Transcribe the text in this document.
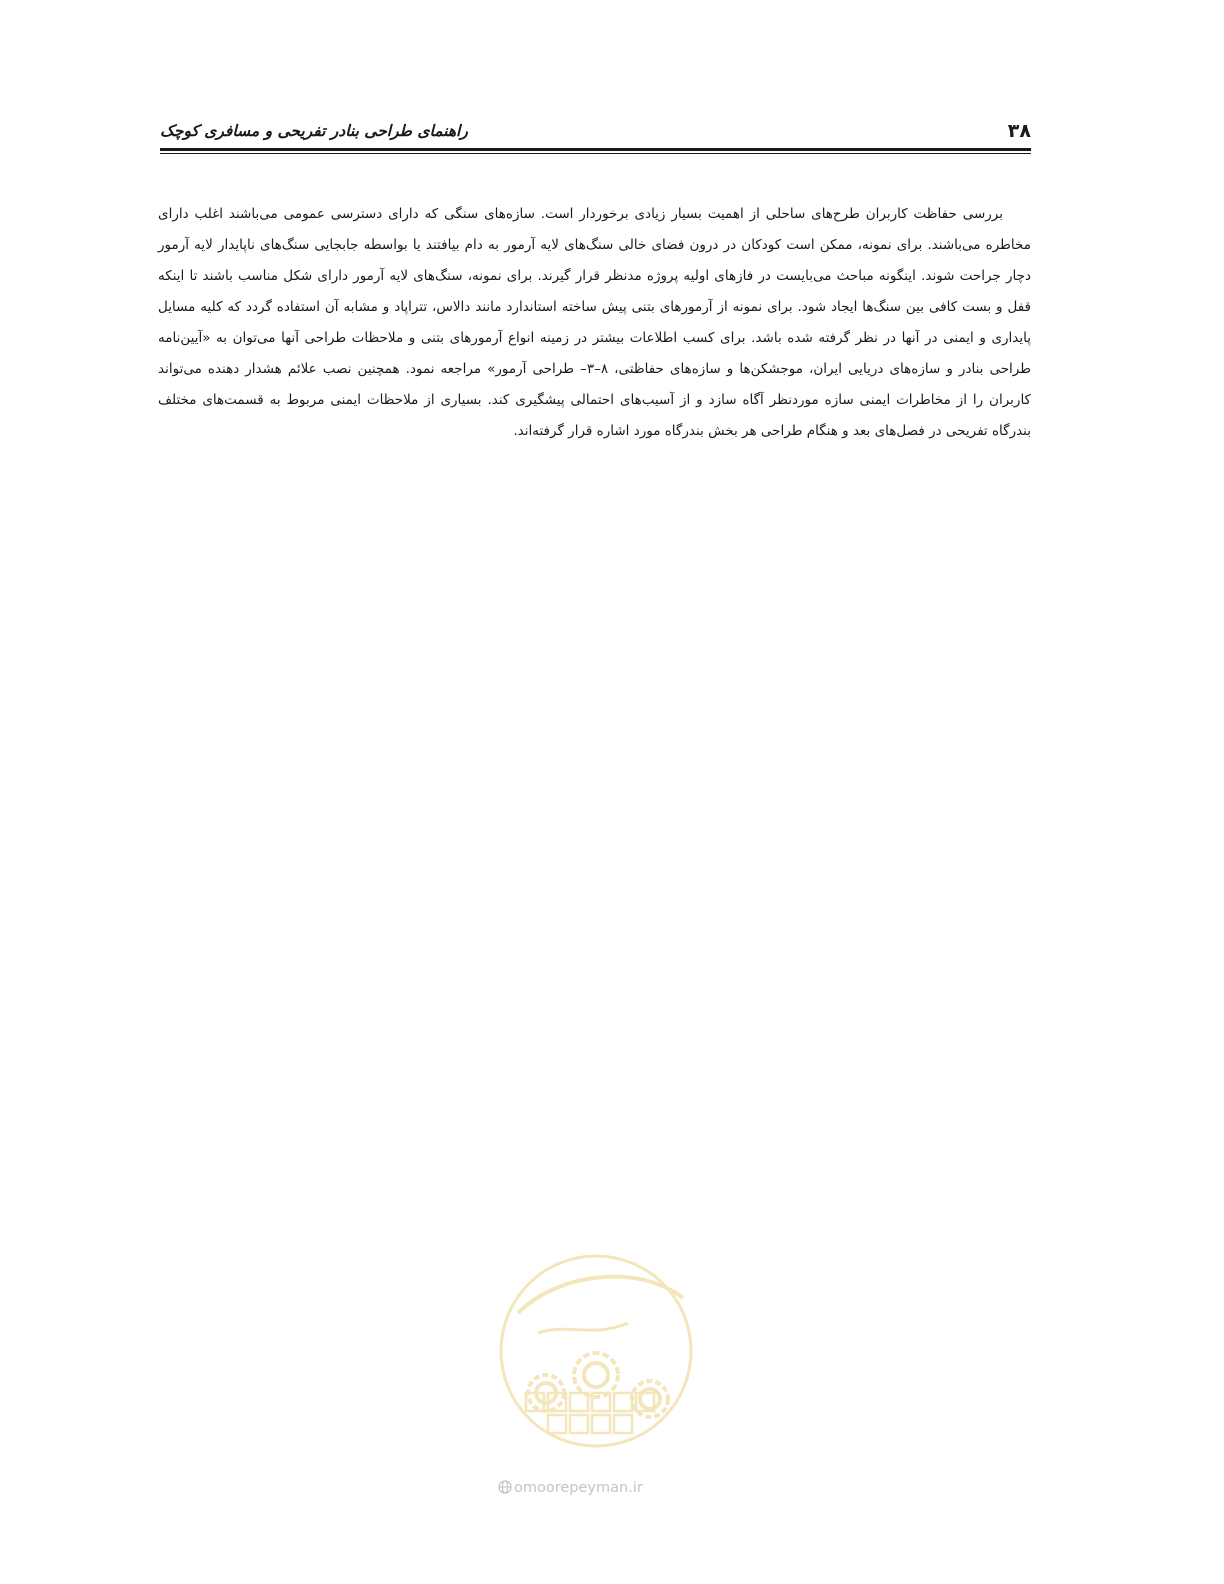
۳۸
راهنمای طراحی بنادر تفریحی و مسافری کوچک

بررسی حفاظت کاربران طرح‌های ساحلی از اهمیت بسیار زیادی برخوردار است. سازه‌های سنگی که دارای دسترسی عمومی می‌باشند اغلب دارای مخاطره می‌باشند. برای نمونه، ممکن است کودکان در درون فضای خالی سنگ‌های لایه آرمور به دام بیافتند یا بواسطه جابجایی سنگ‌های ناپایدار لایه آرمور دچار جراحت شوند. اینگونه مباحث می‌بایست در فازهای اولیه پروژه مدنظر قرار گیرند. برای نمونه، سنگ‌های لایه آرمور دارای شکل مناسب باشند تا اینکه قفل و بست کافی بین سنگ‌ها ایجاد شود. برای نمونه از آرمورهای بتنی پیش ساخته استاندارد مانند دالاس، تتراپاد و مشابه آن استفاده گردد که کلیه مسایل پایداری و ایمنی در آنها در نظر گرفته شده باشد. برای کسب اطلاعات بیشتر در زمینه انواع آرمورهای بتنی و ملاحظات طراحی آنها می‌توان به «آیین‌نامه طراحی بنادر و سازه‌های دریایی ایران، موجشکن‌ها و سازه‌های حفاظتی، ۸–۳– طراحی آرمور» مراجعه نمود. همچنین نصب علائم هشدار دهنده می‌تواند کاربران را از مخاطرات ایمنی سازه موردنظر آگاه سازد و از آسیب‌های احتمالی پیشگیری کند. بسیاری از ملاحظات ایمنی مربوط به قسمت‌های مختلف بندرگاه تفریحی در فصل‌های بعد و هنگام طراحی هر بخش بندرگاه مورد اشاره قرار گرفته‌اند.

omoorepeyman.ir
